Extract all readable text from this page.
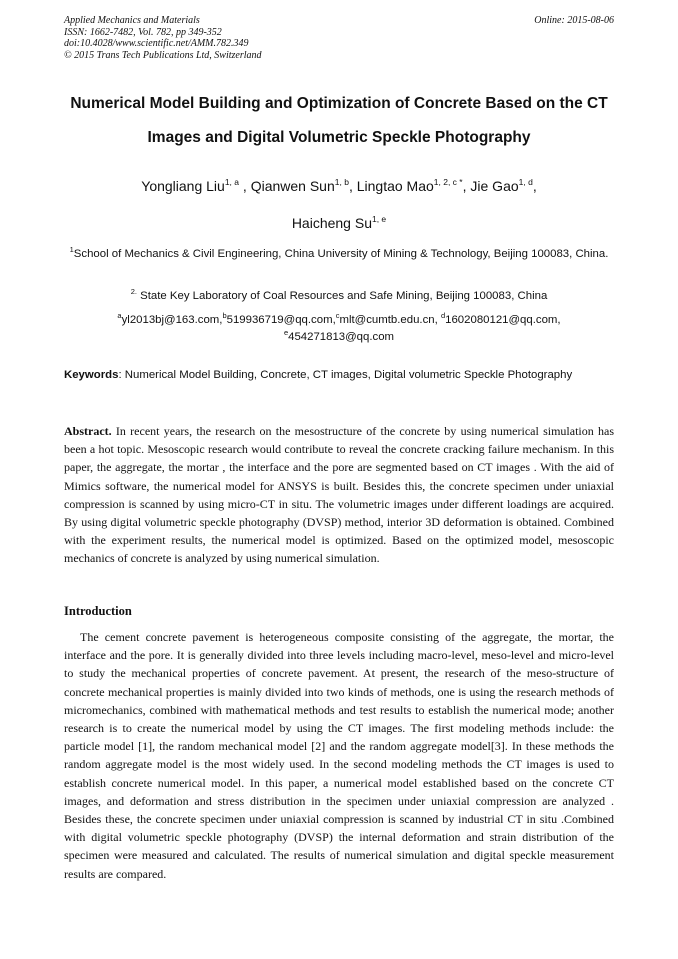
Applied Mechanics and Materials
ISSN: 1662-7482, Vol. 782, pp 349-352
doi:10.4028/www.scientific.net/AMM.782.349
© 2015 Trans Tech Publications Ltd, Switzerland
Online: 2015-08-06
Numerical Model Building and Optimization of Concrete Based on the CT
Images and Digital Volumetric Speckle Photography
Yongliang Liu$^{1, a}$ , Qianwen Sun$^{1, b}$, Lingtao Mao$^{1, 2, c *}$, Jie Gao$^{1, d}$,
Haicheng Su$^{1, e}$
$^1$School of Mechanics & Civil Engineering, China University of Mining & Technology, Beijing 100083, China.
$^{2.}$ State Key Laboratory of Coal Resources and Safe Mining, Beijing 100083, China
$^a$yl2013bj@163.com,$^b$519936719@qq.com,$^c$mlt@cumtb.edu.cn, $^d$1602080121@qq.com,
$^e$454271813@qq.com
Keywords: Numerical Model Building, Concrete, CT images, Digital volumetric Speckle Photography
Abstract. In recent years, the research on the mesostructure of the concrete by using numerical simulation has been a hot topic. Mesoscopic research would contribute to reveal the concrete cracking failure mechanism. In this paper, the aggregate, the mortar , the interface and the pore are segmented based on CT images . With the aid of Mimics software, the numerical model for ANSYS is built. Besides this, the concrete specimen under uniaxial compression is scanned by using micro-CT in situ. The volumetric images under different loadings are acquired. By using digital volumetric speckle photography (DVSP) method, interior 3D deformation is obtained. Combined with the experiment results, the numerical model is optimized. Based on the optimized model, mesoscopic mechanics of concrete is analyzed by using numerical simulation.
Introduction
The cement concrete pavement is heterogeneous composite consisting of the aggregate, the mortar, the interface and the pore. It is generally divided into three levels including macro-level, meso-level and micro-level to study the mechanical properties of concrete pavement. At present, the research of the meso-structure of concrete mechanical properties is mainly divided into two kinds of methods, one is using the research methods of micromechanics, combined with mathematical methods and test results to establish the numerical mode; another research is to create the numerical model by using the CT images. The first modeling methods include: the particle model [1], the random mechanical model [2] and the random aggregate model[3]. In these methods the random aggregate model is the most widely used. In the second modeling methods the CT images is used to establish concrete numerical model. In this paper, a numerical model established based on the concrete CT images, and deformation and stress distribution in the specimen under uniaxial compression are analyzed . Besides these, the concrete specimen under uniaxial compression is scanned by industrial CT in situ .Combined with digital volumetric speckle photography (DVSP) the internal deformation and strain distribution of the specimen were measured and calculated. The results of numerical simulation and digital speckle measurement results are compared.
